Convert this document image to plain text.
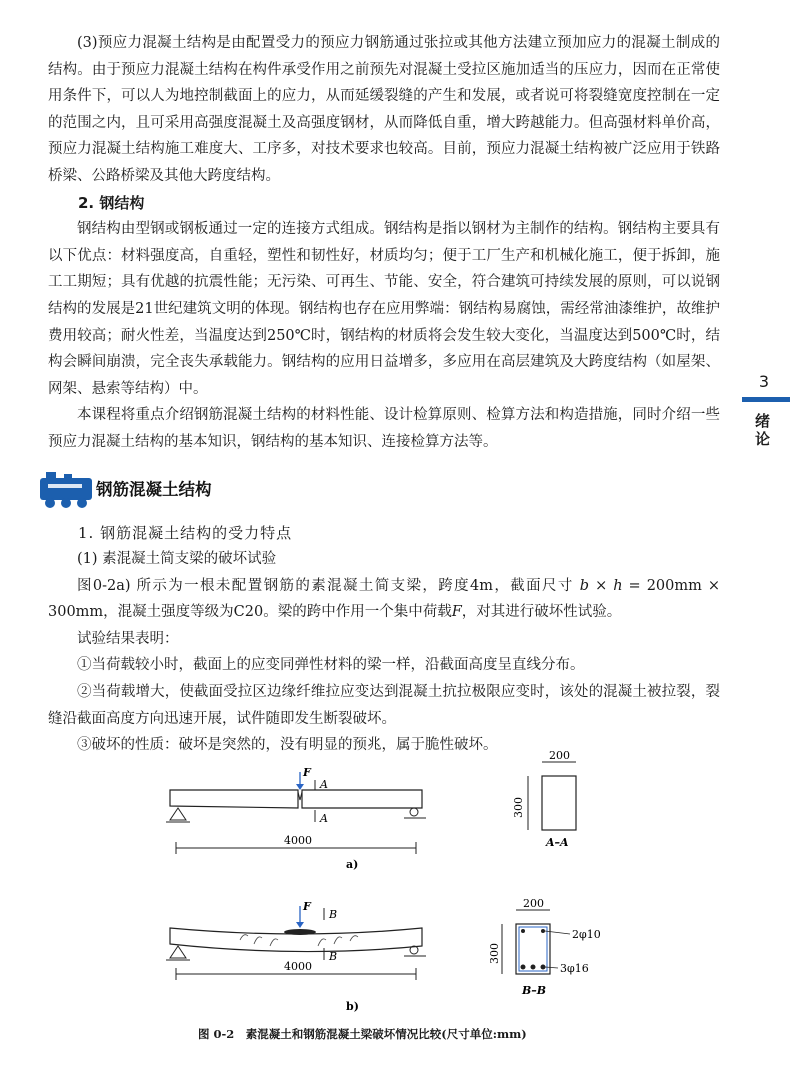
(3)预应力混凝土结构是由配置受力的预应力钢筋通过张拉或其他方法建立预加应力的混凝土制成的结构。由于预应力混凝土结构在构件承受作用之前预先对混凝土受拉区施加适当的压应力，因而在正常使用条件下，可以人为地控制截面上的应力，从而延缓裂缝的产生和发展，或者说可将裂缝宽度控制在一定的范围之内，且可采用高强度混凝土及高强度钢材，从而降低自重，增大跨越能力。但高强材料单价高，预应力混凝土结构施工难度大、工序多，对技术要求也较高。目前，预应力混凝土结构被广泛应用于铁路桥梁、公路桥梁及其他大跨度结构。

2. 钢结构

钢结构由型钢或钢板通过一定的连接方式组成。钢结构是指以钢材为主制作的结构。钢结构主要具有以下优点：材料强度高，自重轻，塑性和韧性好，材质均匀；便于工厂生产和机械化施工，便于拆卸，施工工期短；具有优越的抗震性能；无污染、可再生、节能、安全，符合建筑可持续发展的原则，可以说钢结构的发展是21世纪建筑文明的体现。钢结构也存在应用弊端：钢结构易腐蚀，需经常油漆维护，故维护费用较高；耐火性差，当温度达到250℃时，钢结构的材质将会发生较大变化，当温度达到500℃时，结构会瞬间崩溃，完全丧失承载能力。钢结构的应用日益增多，多应用在高层建筑及大跨度结构（如屋架、网架、悬索等结构）中。

本课程将重点介绍钢筋混凝土结构的材料性能、设计检算原则、检算方法和构造措施，同时介绍一些预应力混凝土结构的基本知识，钢结构的基本知识、连接检算方法等。

钢筋混凝土结构

1. 钢筋混凝土结构的受力特点

(1) 素混凝土简支梁的破坏试验

图0-2a) 所示为一根未配置钢筋的素混凝土简支梁，跨度4m，截面尺寸 b × h = 200mm × 300mm，混凝土强度等级为C20。梁的跨中作用一个集中荷载F，对其进行破坏性试验。

试验结果表明：

①当荷载较小时，截面上的应变同弹性材料的梁一样，沿截面高度呈直线分布。

②当荷载增大，使截面受拉区边缘纤维拉应变达到混凝土抗拉极限应变时，该处的混凝土被拉裂，裂缝沿截面高度方向迅速开展，试件随即发生断裂破坏。

③破坏的性质：破坏是突然的，没有明显的预兆，属于脆性破坏。

3
绪论
F
A
A
4000
a)
200
300
A–A
F
B
B
4000
b)
200
300
2φ10
3φ16
B–B
图 0-2　素混凝土和钢筋混凝土梁破坏情况比较(尺寸单位:mm)
